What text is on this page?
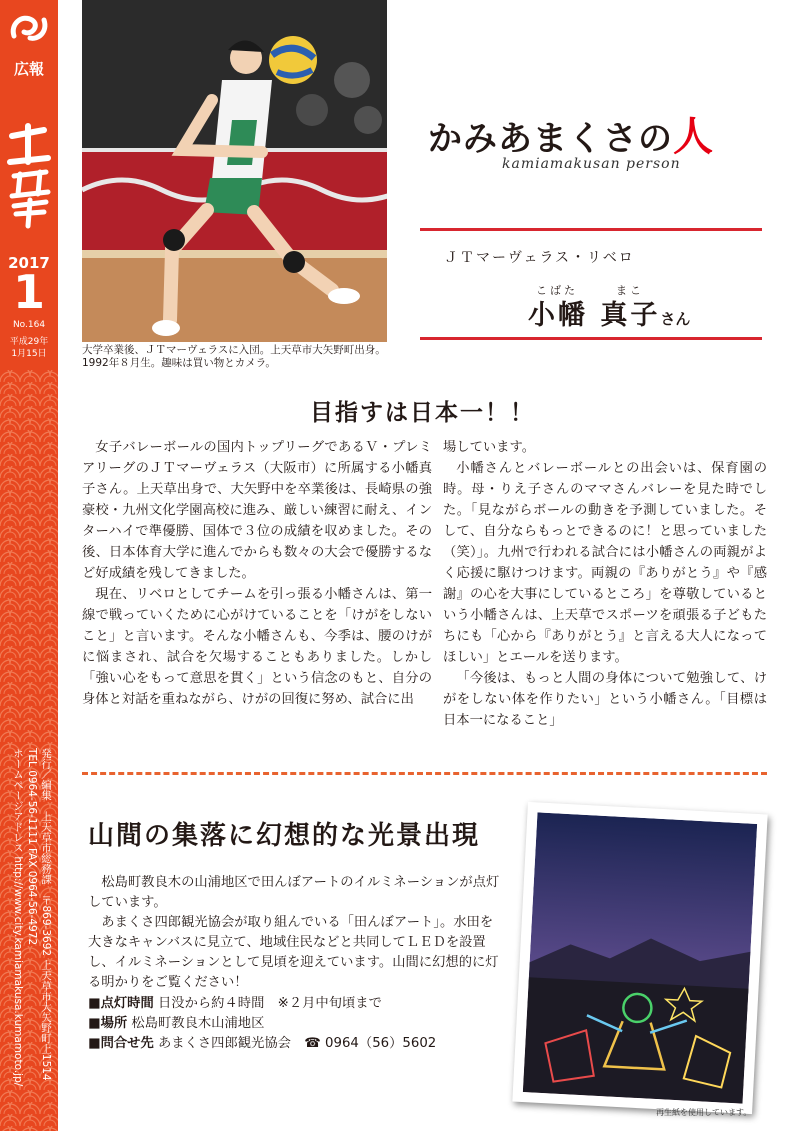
広報
2017
1
No.164
平成29年
1月15日
発行／編集　上天草市総務課　〒869-3692 上天草市大矢野町上1514
TEL 0964-56-1111 FAX 0964-56-4972
ホームページアドレス http://www.city.kamiamakusa.kumamoto.jp/
大学卒業後、ＪＴマーヴェラスに入団。上天草市大矢野町出身。1992年８月生。趣味は買い物とカメラ。
かみあまくさの人
kamiamakusan person
ＪＴマーヴェラス・リベロ
こばた	まこ
小幡 真子さん
目指すは日本一！！

女子バレーボールの国内トップリーグであるＶ・プレミアリーグのＪＴマーヴェラス（大阪市）に所属する小幡真子さん。上天草出身で、大矢野中を卒業後は、長崎県の強豪校・九州文化学園高校に進み、厳しい練習に耐え、インターハイで準優勝、国体で３位の成績を収めました。その後、日本体育大学に進んでからも数々の大会で優勝するなど好成績を残してきました。

現在、リベロとしてチームを引っ張る小幡さんは、第一線で戦っていくために心がけていることを「けがをしないこと」と言います。そんな小幡さんも、今季は、腰のけがに悩まされ、試合を欠場することもありました。しかし「強い心をもって意思を貫く」という信念のもと、自分の身体と対話を重ねながら、けがの回復に努め、試合に出

場しています。

小幡さんとバレーボールとの出会いは、保育園の時。母・りえ子さんのママさんバレーを見た時でした。「見ながらボールの動きを予測していました。そして、自分ならもっとできるのに！と思っていました（笑）」。九州で行われる試合には小幡さんの両親がよく応援に駆けつけます。両親の『ありがとう』や『感謝』の心を大事にしているところ」を尊敬しているという小幡さんは、上天草でスポーツを頑張る子どもたちにも「心から『ありがとう』と言える大人になってほしい」とエールを送ります。

「今後は、もっと人間の身体について勉強して、けがをしない体を作りたい」という小幡さん。「目標は日本一になること」

山間の集落に幻想的な光景出現

松島町教良木の山浦地区で田んぼアートのイルミネーションが点灯しています。

あまくさ四郎観光協会が取り組んでいる「田んぼアート」。水田を大きなキャンバスに見立て、地域住民などと共同してＬＥＤを設置し、イルミネーションとして見頃を迎えています。山間に幻想的に灯る明かりをご覧ください！

■点灯時間 日没から約４時間　※２月中旬頃まで
■場所 松島町教良木山浦地区
■問合せ先 あまくさ四郎観光協会　☎ 0964（56）5602
再生紙を使用しています。
